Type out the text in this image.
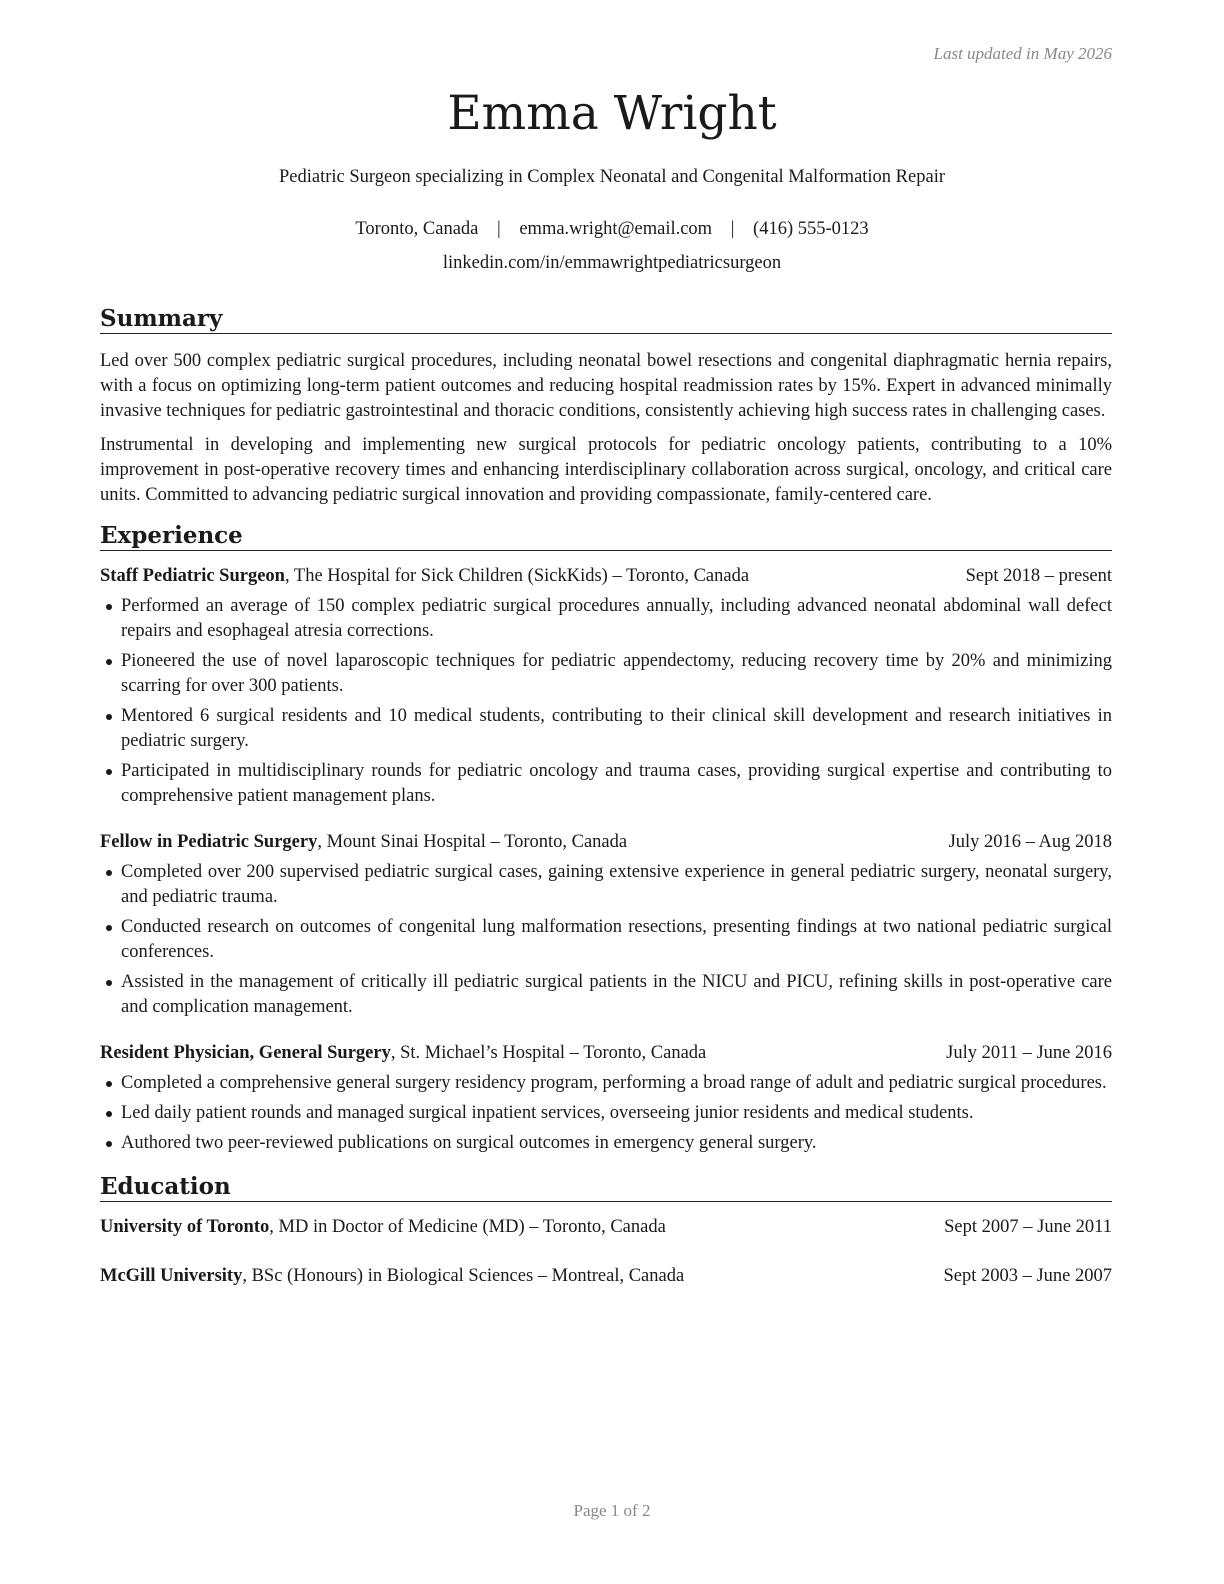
Last updated in May 2026
Emma Wright
Pediatric Surgeon specializing in Complex Neonatal and Congenital Malformation Repair
Toronto, Canada | emma.wright@email.com | (416) 555-0123
linkedin.com/in/emmawrightpediatricsurgeon
Summary

Led over 500 complex pediatric surgical procedures, including neonatal bowel resections and congenital diaphragmatic hernia repairs, with a focus on optimizing long-term patient outcomes and reducing hospital readmission rates by 15%. Expert in advanced minimally invasive techniques for pediatric gastrointestinal and thoracic conditions, consistently achieving high success rates in challenging cases.

Instrumental in developing and implementing new surgical protocols for pediatric oncology patients, contributing to a 10% improvement in post-operative recovery times and enhancing interdisciplinary collaboration across surgical, oncology, and critical care units. Committed to advancing pediatric surgical innovation and providing compassionate, family-centered care.

Experience
Staff Pediatric Surgeon, The Hospital for Sick Children (SickKids) – Toronto, Canada	Sept 2018 – present
Performed an average of 150 complex pediatric surgical procedures annually, including advanced neonatal abdominal wall defect repairs and esophageal atresia corrections.
Pioneered the use of novel laparoscopic techniques for pediatric appendectomy, reducing recovery time by 20% and minimizing scarring for over 300 patients.
Mentored 6 surgical residents and 10 medical students, contributing to their clinical skill development and research initiatives in pediatric surgery.
Participated in multidisciplinary rounds for pediatric oncology and trauma cases, providing surgical expertise and contributing to comprehensive patient management plans.
Fellow in Pediatric Surgery, Mount Sinai Hospital – Toronto, Canada	July 2016 – Aug 2018
Completed over 200 supervised pediatric surgical cases, gaining extensive experience in general pediatric surgery, neonatal surgery, and pediatric trauma.
Conducted research on outcomes of congenital lung malformation resections, presenting findings at two national pediatric surgical conferences.
Assisted in the management of critically ill pediatric surgical patients in the NICU and PICU, refining skills in post-operative care and complication management.
Resident Physician, General Surgery, St. Michael’s Hospital – Toronto, Canada	July 2011 – June 2016
Completed a comprehensive general surgery residency program, performing a broad range of adult and pediatric surgical procedures.
Led daily patient rounds and managed surgical inpatient services, overseeing junior residents and medical students.
Authored two peer-reviewed publications on surgical outcomes in emergency general surgery.
Education
University of Toronto, MD in Doctor of Medicine (MD) – Toronto, Canada	Sept 2007 – June 2011
McGill University, BSc (Honours) in Biological Sciences – Montreal, Canada	Sept 2003 – June 2007
Page 1 of 2
